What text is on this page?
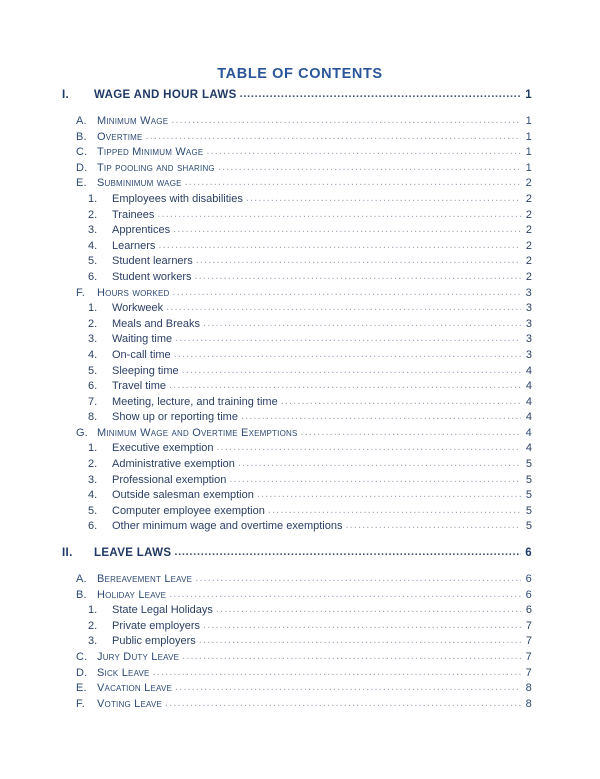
TABLE OF CONTENTS
I.	WAGE AND HOUR LAWS .....	1
A. Minimum Wage .....	1
B. Overtime .....	1
C. Tipped Minimum Wage .....	1
D. Tip pooling and sharing .....	1
E. Subminimum wage .....	2
1.	Employees with disabilities .....	2
2.	Trainees .....	2
3.	Apprentices .....	2
4.	Learners .....	2
5.	Student learners .....	2
6.	Student workers .....	2
F.	Hours worked .....	3
1.	Workweek .....	3
2.	Meals and Breaks .....	3
3.	Waiting time .....	3
4.	On-call time .....	3
5.	Sleeping time .....	4
6.	Travel time .....	4
7.	Meeting, lecture, and training time .....	4
8.	Show up or reporting time .....	4
G. Minimum Wage and Overtime Exemptions .....	4
1.	Executive exemption .....	4
2.	Administrative exemption .....	5
3.	Professional exemption .....	5
4.	Outside salesman exemption .....	5
5.	Computer employee exemption .....	5
6.	Other minimum wage and overtime exemptions .....	5
II.	LEAVE LAWS .....	6
A. Bereavement Leave .....	6
B. Holiday Leave .....	6
1.	State Legal Holidays .....	6
2.	Private employers .....	7
3.	Public employers .....	7
C. Jury Duty Leave .....	7
D. Sick Leave .....	7
E. Vacation Leave .....	8
F.	Voting Leave .....	8
